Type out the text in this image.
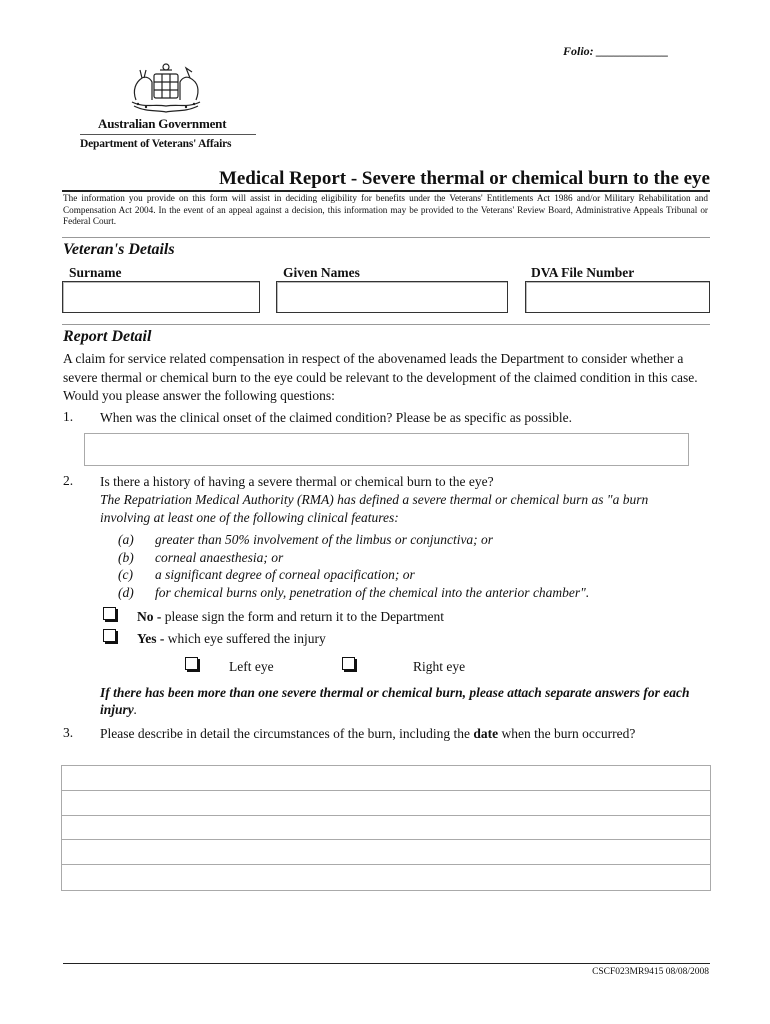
Folio: ____________
Australian Government
Department of Veterans' Affairs
Medical Report - Severe thermal or chemical burn to the eye
The information you provide on this form will assist in deciding eligibility for benefits under the Veterans' Entitlements Act 1986 and/or Military Rehabilitation and Compensation Act 2004. In the event of an appeal against a decision, this information may be provided to the Veterans' Review Board, Administrative Appeals Tribunal or Federal Court.
Veteran's Details
Surname	Given Names	DVA File Number
Report Detail
A claim for service related compensation in respect of the abovenamed leads the Department to consider whether a severe thermal or chemical burn to the eye could be relevant to the development of the claimed condition in this case. Would you please answer the following questions:
1. When was the clinical onset of the claimed condition? Please be as specific as possible.
2. Is there a history of having a severe thermal or chemical burn to the eye?
The Repatriation Medical Authority (RMA) has defined a severe thermal or chemical burn as "a burn involving at least one of the following clinical features:
(a) greater than 50% involvement of the limbus or conjunctiva; or
(b) corneal anaesthesia; or
(c) a significant degree of corneal opacification; or
(d) for chemical burns only, penetration of the chemical into the anterior chamber".
No - please sign the form and return it to the Department
Yes - which eye suffered the injury
Left eye	Right eye
If there has been more than one severe thermal or chemical burn, please attach separate answers for each injury.
3. Please describe in detail the circumstances of the burn, including the date when the burn occurred?
CSCF023MR9415 08/08/2008
